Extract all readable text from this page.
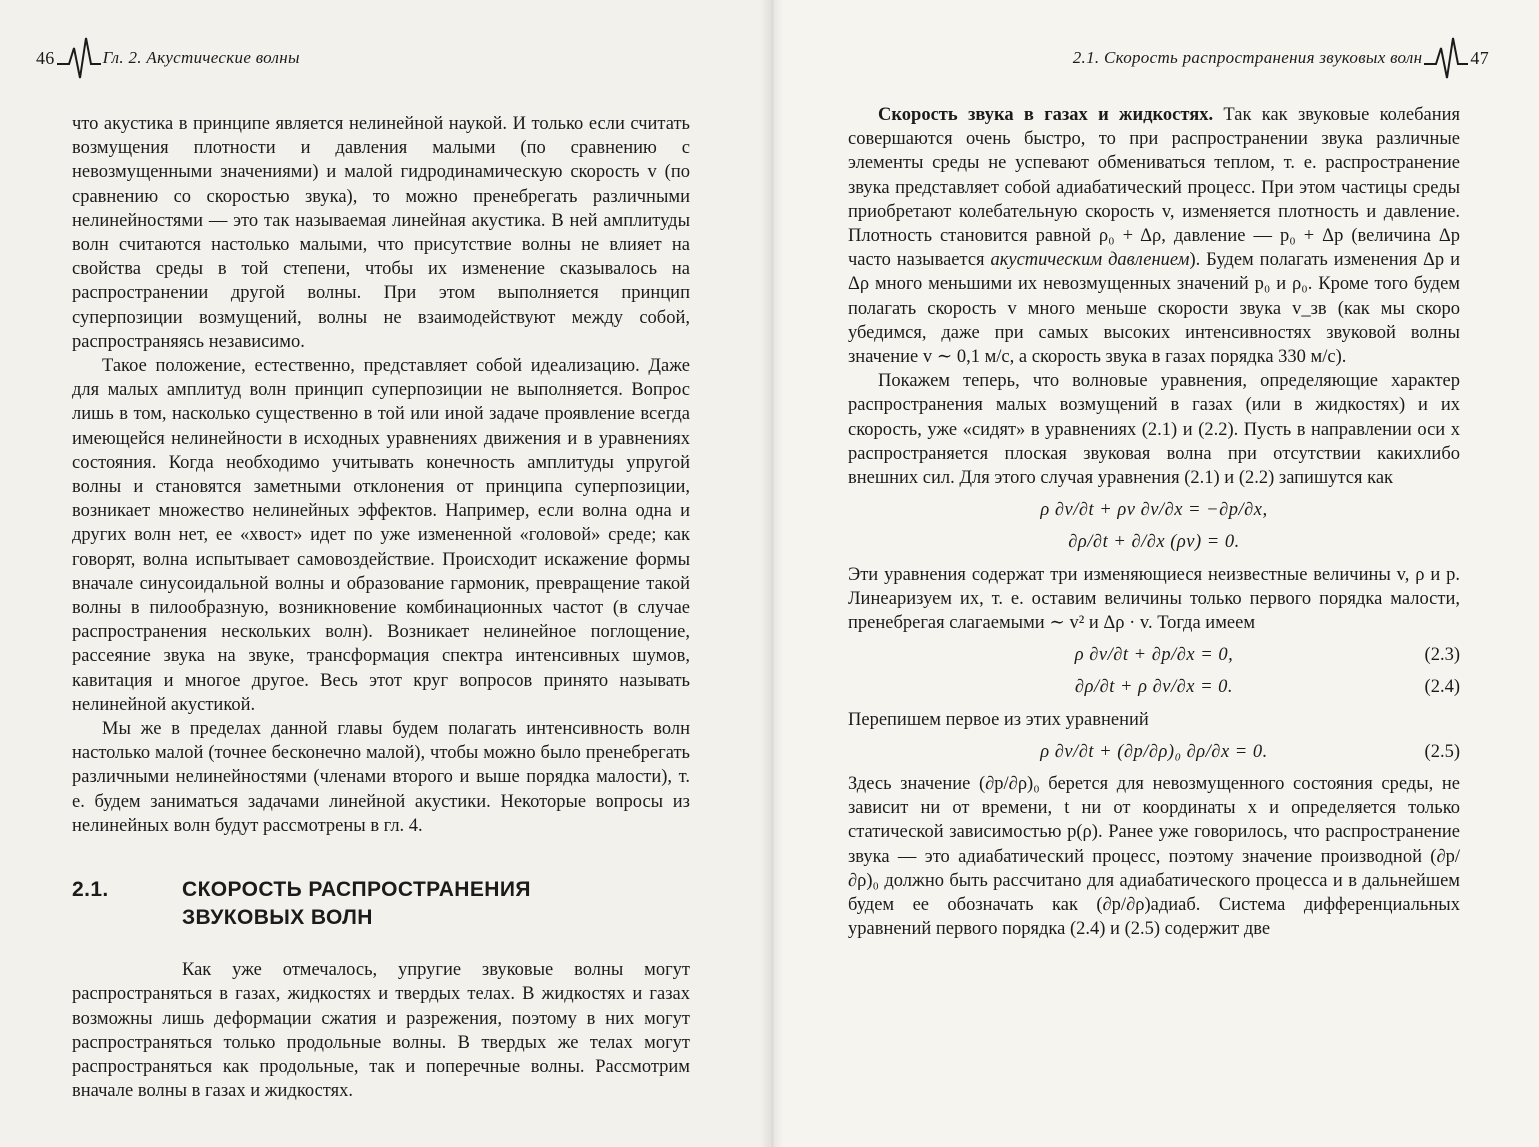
46	Гл. 2. Акустические волны

что акустика в принципе является нелинейной наукой. И только если считать возмущения плотности и давления малыми (по сравнению с невозмущенными значениями) и малой гидродинамическую скорость v (по сравнению со скоростью звука), то можно пренебрегать различными нелинейностями — это так называемая линейная акустика. В ней амплитуды волн считаются настолько малыми, что присутствие волны не влияет на свойства среды в той степени, чтобы их изменение сказывалось на распространении другой волны. При этом выполняется принцип суперпозиции возмущений, волны не взаимодействуют между собой, распространяясь независимо.

Такое положение, естественно, представляет собой идеализацию. Даже для малых амплитуд волн принцип суперпозиции не выполняется. Вопрос лишь в том, насколько существенно в той или иной задаче проявление всегда имеющейся нелинейности в исходных уравнениях движения и в уравнениях состояния. Когда необходимо учитывать конечность амплитуды упругой волны и становятся заметными отклонения от принципа суперпозиции, возникает множество нелинейных эффектов. Например, если волна одна и других волн нет, ее «хвост» идет по уже измененной «головой» среде; как говорят, волна испытывает самовоздействие. Происходит искажение формы вначале синусоидальной волны и образование гармоник, превращение такой волны в пилообразную, возникновение комбинационных частот (в случае распространения нескольких волн). Возникает нелинейное поглощение, рассеяние звука на звуке, трансформация спектра интенсивных шумов, кавитация и многое другое. Весь этот круг вопросов принято называть нелинейной акустикой.

Мы же в пределах данной главы будем полагать интенсивность волн настолько малой (точнее бесконечно малой), чтобы можно было пренебрегать различными нелинейностями (членами второго и выше порядка малости), т. е. будем заниматься задачами линейной акустики. Некоторые вопросы из нелинейных волн будут рассмотрены в гл. 4.

2.1.	СКОРОСТЬ РАСПРОСТРАНЕНИЯ
ЗВУКОВЫХ ВОЛН

Как уже отмечалось, упругие звуковые волны могут распространяться в газах, жидкостях и твердых телах. В жидкостях и газах возможны лишь деформации сжатия и разрежения, поэтому в них могут распространяться только продольные волны. В твердых же телах могут распространяться как продольные, так и поперечные волны. Рассмотрим вначале волны в газах и жидкостях.

2.1. Скорость распространения звуковых волн	47

Скорость звука в газах и жидкостях. Так как звуковые колебания совершаются очень быстро, то при распространении звука различные элементы среды не успевают обмениваться теплом, т. е. распространение звука представляет собой адиабатический процесс. При этом частицы среды приобретают колебательную скорость v, изменяется плотность и давление. Плотность становится равной ρ₀ + Δρ, давление — p₀ + Δp (величина Δp часто называется акустическим давлением). Будем полагать изменения Δp и Δρ много меньшими их невозмущенных значений p₀ и ρ₀. Кроме того будем полагать скорость v много меньше скорости звука v_зв (как мы скоро убедимся, даже при самых высоких интенсивностях звуковой волны значение v ∼ 0,1 м/с, а скорость звука в газах порядка 330 м/с).

Покажем теперь, что волновые уравнения, определяющие характер распространения малых возмущений в газах (или в жидкостях) и их скорость, уже «сидят» в уравнениях (2.1) и (2.2). Пусть в направлении оси x распространяется плоская звуковая волна при отсутствии какихлибо внешних сил. Для этого случая уравнения (2.1) и (2.2) запишутся как

ρ ∂v/∂t + ρv ∂v/∂x = −∂p/∂x,
∂ρ/∂t + ∂/∂x (ρv) = 0.

Эти уравнения содержат три изменяющиеся неизвестные величины v, ρ и p. Линеаризуем их, т. е. оставим величины только первого порядка малости, пренебрегая слагаемыми ∼ v² и Δρ · v. Тогда имеем

ρ ∂v/∂t + ∂p/∂x = 0,	(2.3)
∂ρ/∂t + ρ ∂v/∂x = 0.	(2.4)

Перепишем первое из этих уравнений

ρ ∂v/∂t + (∂p/∂ρ)₀ ∂ρ/∂x = 0.	(2.5)

Здесь значение (∂p/∂ρ)₀ берется для невозмущенного состояния среды, не зависит ни от времени, t ни от координаты x и определяется только статической зависимостью p(ρ). Ранее уже говорилось, что распространение звука — это адиабатический процесс, поэтому значение производной (∂p/∂ρ)₀ должно быть рассчитано для адиабатического процесса и в дальнейшем будем ее обозначать как (∂p/∂ρ)адиаб. Система дифференциальных уравнений первого порядка (2.4) и (2.5) содержит две
